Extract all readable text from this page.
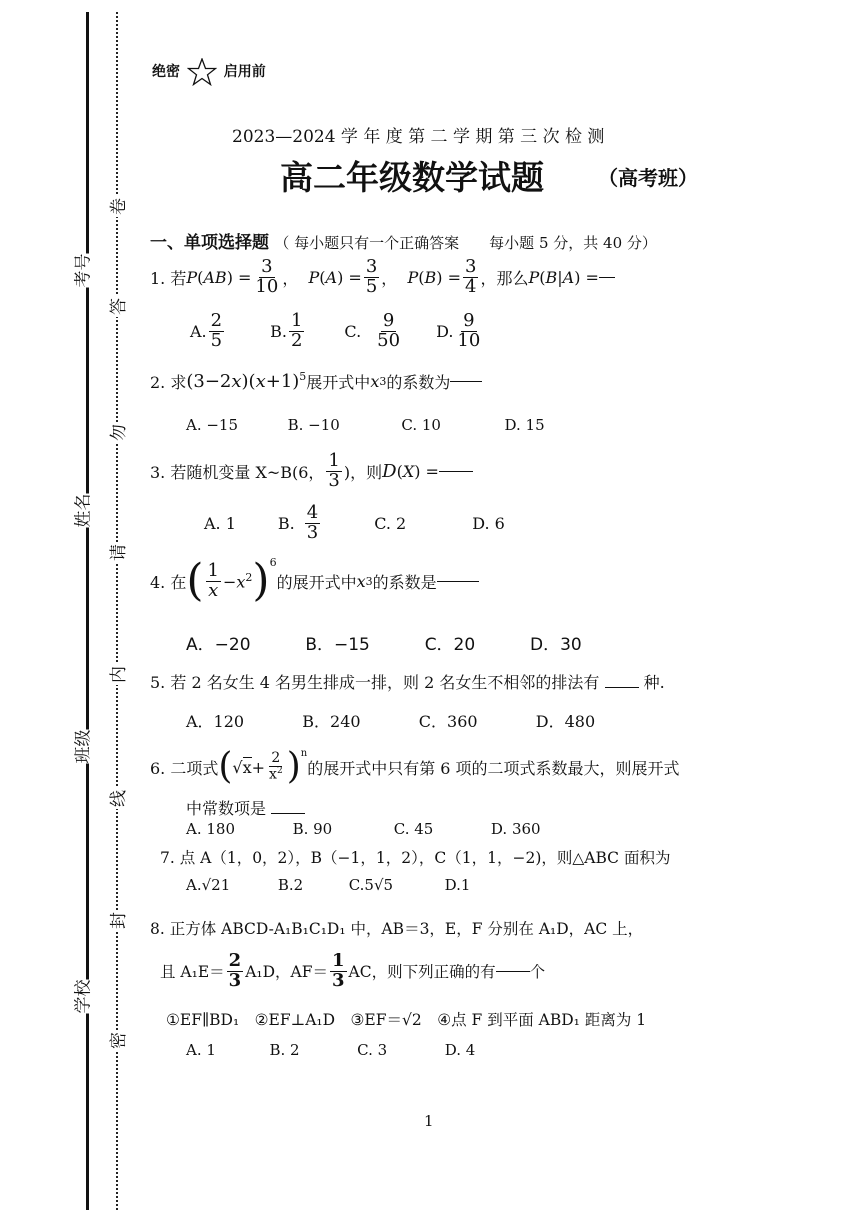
考号
姓名
班级
学校
卷
答
勿
请
内
线
封
密
绝密	启用前
2023—2024 学 年 度 第 二 学 期 第 三 次 检 测
高二年级数学试题	（高考班）
一、单项选择题 （ 每小题只有一个正确答案　　每小题 5 分，共 40 分）
1. 若 P ( AB ) = $\frac{3}{10}$ ， P ( A ) = $\frac{3}{5}$ ， P ( B ) = $\frac{3}{4}$ ，那么 P ( B | A ) =
A. $\frac{2}{5}$	B. $\frac{1}{2}$	C. $\frac{9}{50} D$. $\frac{9}{10}$
2. 求 $(3-2x)(x+1)^5$ 展开式中 x 3 的系数为
A. −15	B. −10	C. 10	D. 15
3. 若随机变量 X~B(6， $\frac{1}{3}$ )，则 D ( X ) =
A. 1	B. $\frac{4}{3}$	C. 2	D. 6
4. 在 ( $\frac{1}{x} -x^2$ ) 6
的展开式中 x 3 的系数是
A．−20	B．−15	C．20	D．30
5. 若 2 名女生 4 名男生排成一排，则 2 名女生不相邻的排法有	种.
A．120	B．240	C．360	D．480
6. 二项式 ( $√x+ \frac{2}{x^2}$ ) n
的展开式中只有第 6 项的二项式系数最大，则展开式
中常数项是
A. 180	B. 90	C. 45	D. 360
7. 点 A（1，0，2），B（−1，1，2），C（1，1，−2)，则△ABC 面积为
A.√21	B.2	C.5√5	D.1
8. 正方体 ABCD-A₁B₁C₁D₁ 中，AB＝3，E，F 分别在 A₁D，AC 上，
且 $A_1E= \frac{2}{3} A_1D$，$AF= \frac{1}{3}$ AC，则下列正确的有 个
①EF∥BD₁　②EF⊥A₁D　③EF＝√2　④点 F 到平面 ABD₁ 距离为 1
A. 1	B. 2	C. 3	D. 4
1
